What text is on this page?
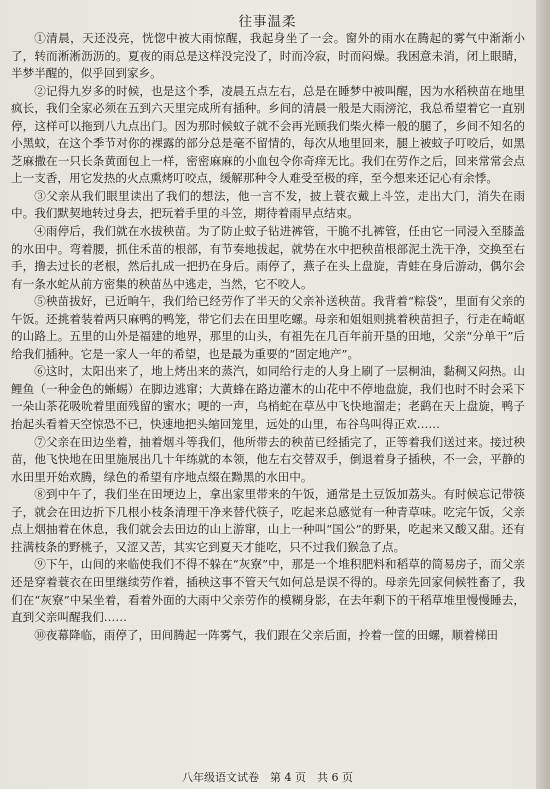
往事温柔

①清晨，天还没亮，恍惚中被大雨惊醒，我起身坐了一会。窗外的雨水在腾起的雾气中渐渐小了，转而淅淅沥沥的。夏夜的雨总是这样没完没了，时而冷寂，时而闷燥。我困意未消，闭上眼睛，半梦半醒的，似乎回到家乡。

②记得九岁多的时候，也是这个季，凌晨五点左右，总是在睡梦中被叫醒，因为水稻秧苗在地里疯长，我们全家必须在五到六天里完成所有插种。乡间的清晨一般是大雨滂沱，我总希望着它一直别停，这样可以拖到八九点出门。因为那时候蚊子就不会再光顾我们柴火棒一般的腿了，乡间不知名的小黑蚊，在这个季节对你的裸露的部分总是毫不留情的，每次从地里回来，腿上被蚊子叮咬后，如黑芝麻撒在一只长条黄面包上一样，密密麻麻的小血包令你奇痒无比。我们在劳作之后，回来常常会点上一支香，用它发热的火点熏烤叮咬点，缓解那种令人难受至极的痒，至今想来还记心有余悸。

③父亲从我们眼里读出了我们的想法，他一言不发，披上蓑衣戴上斗笠，走出大门，消失在雨中。我们默契地转过身去，把玩着手里的斗笠，期待着雨早点结束。

④雨停后，我们就在水拔秧苗。为了防止蚊子钻进裤管，干脆不扎裤管，任由它一同浸入至膝盖的水田中。弯着腰，抓住禾苗的根部，有节奏地拔起，就势在水中把秧苗根部泥土洗干净，交换至右手，撸去过长的老根，然后扎成一把扔在身后。雨停了，燕子在头上盘旋，青蛙在身后游动，偶尔会有一条水蛇从前方密集的秧苗丛中逃走，当然，它不咬人。

⑤秧苗拔好，已近晌午，我们给已经劳作了半天的父亲补送秧苗。我背着“粽袋”，里面有父亲的午饭。还挑着装着两只麻鸭的鸭笼，带它们去在田里吃螺。母亲和姐姐则挑着秧苗担子，行走在崎岖的山路上。五里的山外是福建的地界，那里的山头，有祖先在几百年前开垦的田地，父亲“分单干”后给我们插种。它是一家人一年的希望，也是最为重要的“固定地产”。

⑥这时，太阳出来了，地上烤出来的蒸汽，如同给行走的人身上刷了一层桐油，黏稠又闷热。山鲤鱼（一种金色的蜥蜴）在脚边逃窜；大黄蜂在路边灌木的山花中不停地盘旋，我们也时不时会采下一朵山茶花吸吮着里面残留的蜜水；哽的一声，乌梢蛇在草丛中飞快地溜走；老鹞在天上盘旋，鸭子抬起头看着天空惊恐不已，快速地把头缩回笼里，远处的山里，布谷鸟叫得正欢……

⑦父亲在田边坐着，抽着烟斗等我们，他所带去的秧苗已经插完了，正等着我们送过来。接过秧苗，他飞快地在田里施展出几十年练就的本领，他左右交替双手，倒退着身子插秧，不一会，平静的水田里开始欢腾，绿色的希望有序地点缀在黝黑的水田中。

⑧到中午了，我们坐在田埂边上，拿出家里带来的午饭，通常是土豆饭加荔头。有时候忘记带筷子，就会在田边折下几根小枝条清理干净来替代筷子，吃起来总感觉有一种青草味。吃完午饭，父亲点上烟抽着在休息，我们就会去田边的山上游窜，山上一种叫“国公”的野果，吃起来又酸又甜。还有拄满枝条的野桃子，又涩又苦，其实它到夏天才能吃，只不过我们猴急了点。

⑨下午，山间的来临使我们不得不躲在“灰寮”中，那是一个堆积肥料和稻草的简易房子，而父亲还是穿着蓑衣在田里继续劳作着，插秧这事不管天气如何总是误不得的。母亲先回家伺候牲畜了，我们在“灰寮”中呆坐着，看着外面的大雨中父亲劳作的模糊身影，在去年剩下的干稻草堆里慢慢睡去，直到父亲叫醒我们……

⑩夜幕降临，雨停了，田间腾起一阵雾气，我们跟在父亲后面，拎着一筐的田螺，顺着梯田

八年级语文试卷　第 4 页　共 6 页
